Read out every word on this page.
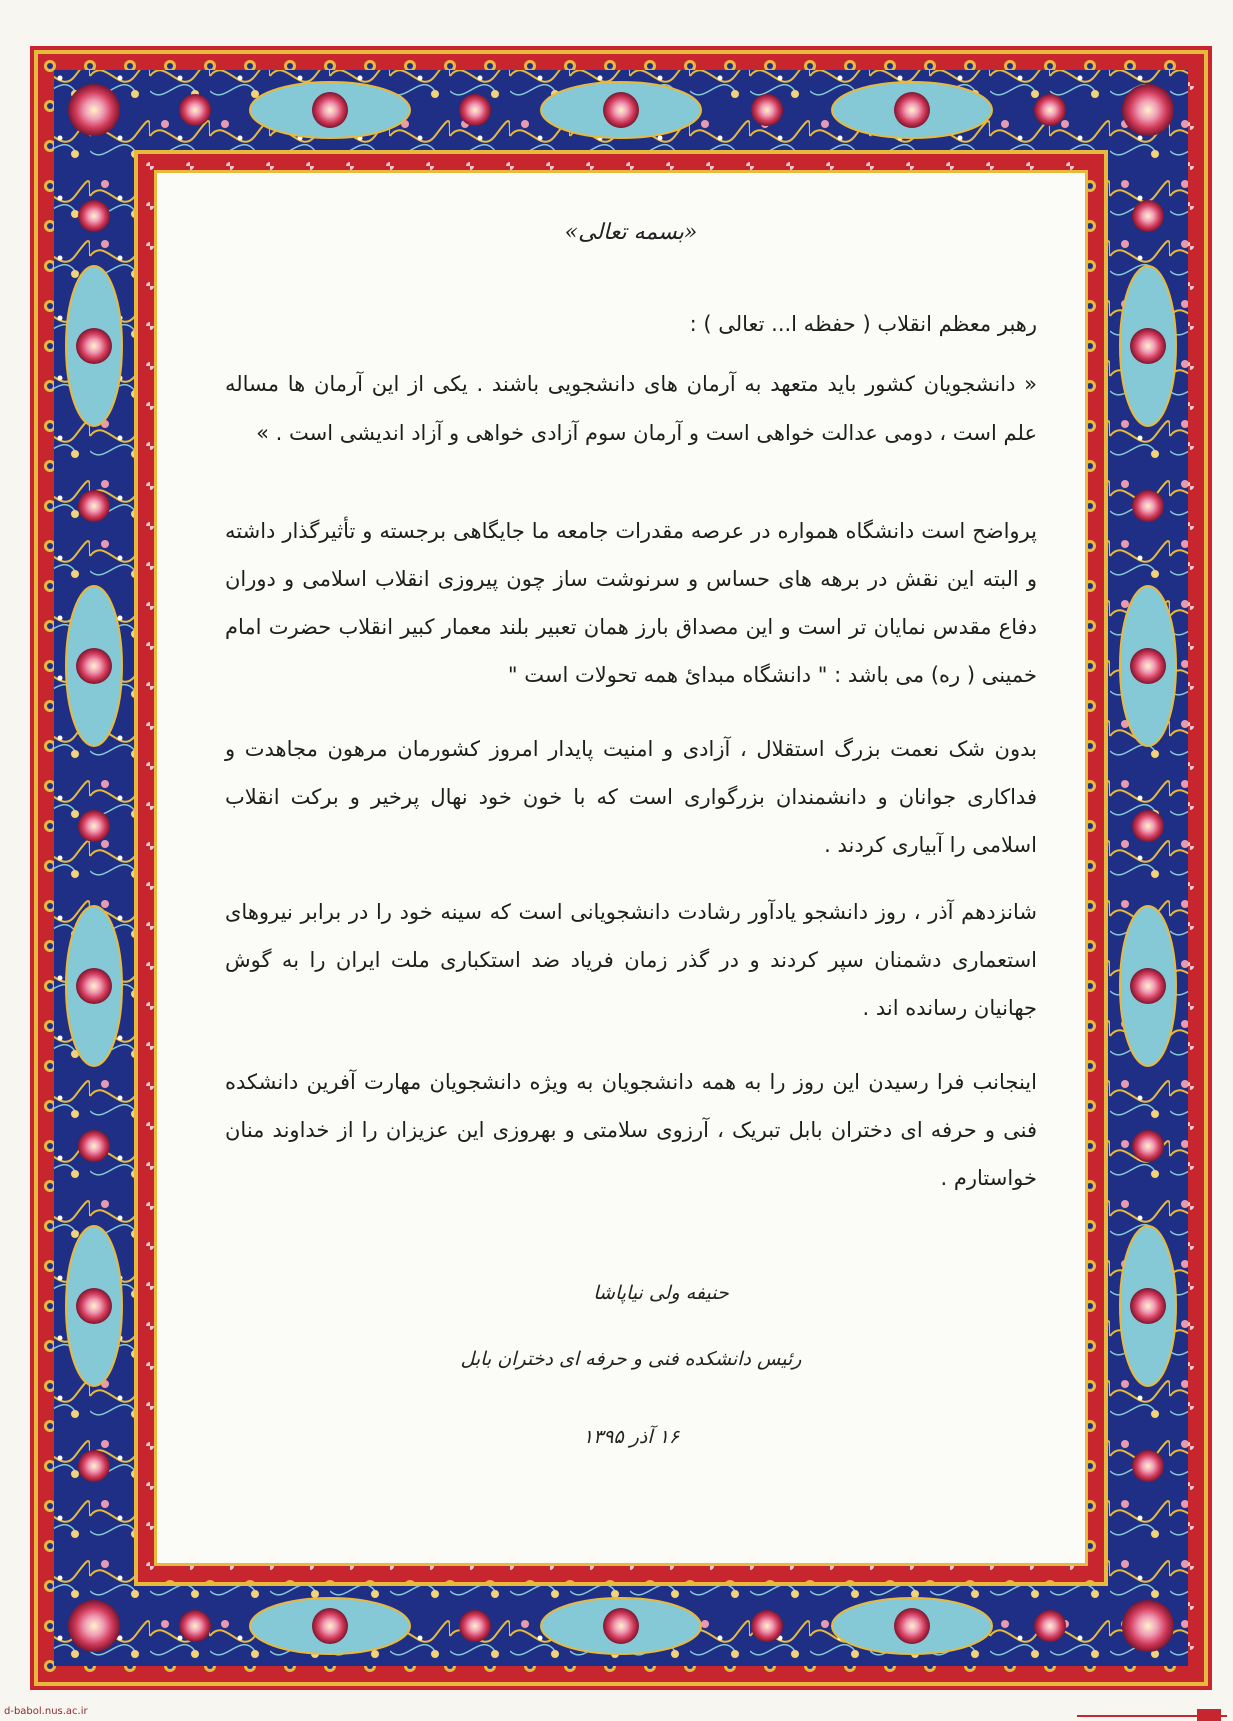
«بسمه تعالی»
رهبر معظم انقلاب ( حفظه ا... تعالی ) :
« دانشجویان کشور باید متعهد به آرمان های دانشجویی باشند . یکی از این آرمان ها مساله علم است ، دومی عدالت خواهی است و آرمان سوم آزادی خواهی و آزاد اندیشی است . »
پرواضح است دانشگاه همواره در عرصه مقدرات جامعه ما جایگاهی برجسته و تأثیرگذار داشته و البته این نقش در برهه های حساس و سرنوشت ساز چون پیروزی انقلاب اسلامی و دوران دفاع مقدس نمایان تر است و این مصداق بارز همان تعبیر بلند معمار کبیر انقلاب حضرت امام خمینی ( ره) می باشد : " دانشگاه مبدائ همه تحولات است "
بدون شک نعمت بزرگ استقلال ، آزادی و امنیت پایدار امروز کشورمان مرهون مجاهدت و فداکاری جوانان و دانشمندان بزرگواری است که با خون خود نهال پرخیر و برکت انقلاب اسلامی را آبیاری کردند .
شانزدهم آذر ، روز دانشجو یادآور رشادت دانشجویانی است که سینه خود را در برابر نیروهای استعماری دشمنان سپر کردند و در گذر زمان فریاد ضد استکباری ملت ایران را به گوش جهانیان رسانده اند .
اینجانب فرا رسیدن این روز را به همه دانشجویان به ویژه دانشجویان مهارت آفرین دانشکده فنی و حرفه ای دختران بابل تبریک ، آرزوی سلامتی و بهروزی این عزیزان را از خداوند منان خواستارم .
حنیفه ولی نیاپاشا
رئیس دانشکده فنی و حرفه ای دختران بابل
۱۶ آذر ۱۳۹۵
d-babol.nus.ac.ir
